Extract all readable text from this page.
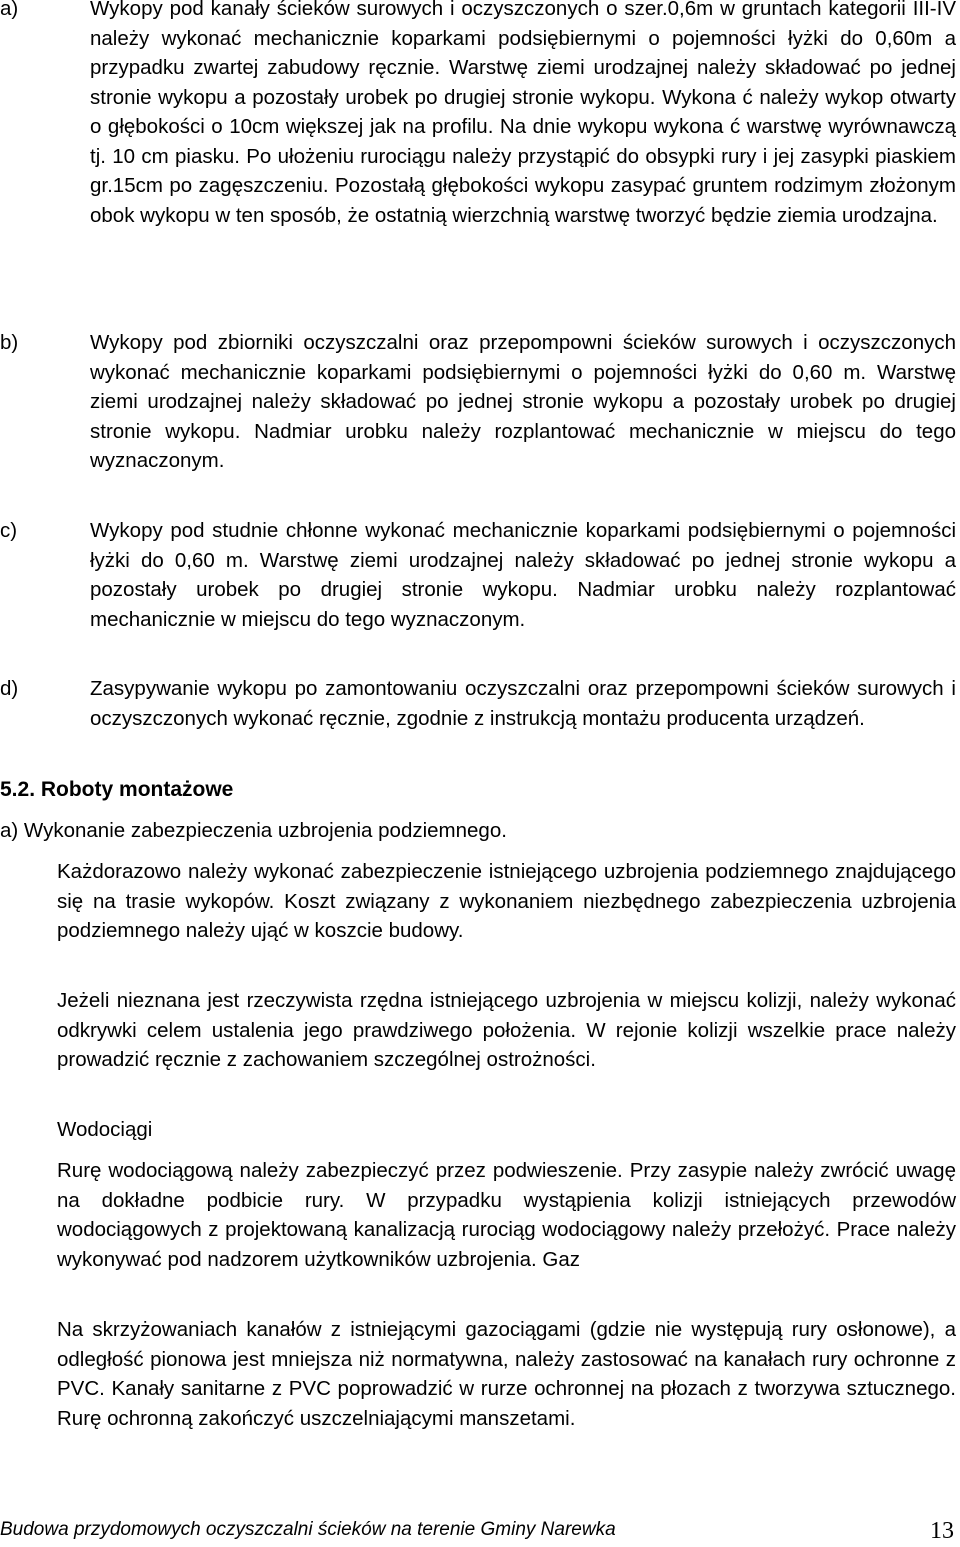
a)	Wykopy pod kanały ścieków surowych i oczyszczonych o szer.0,6m w gruntach kategorii III-IV należy wykonać mechanicznie koparkami podsiębiernymi o pojemności łyżki do 0,60m a przypadku zwartej zabudowy ręcznie. Warstwę ziemi urodzajnej należy składować po jednej stronie wykopu a pozostały urobek po drugiej stronie wykopu. Wykona ć należy wykop otwarty o głębokości o 10cm większej jak na profilu. Na dnie wykopu wykona ć warstwę wyrównawczą tj. 10 cm piasku. Po ułożeniu rurociągu należy przystąpić do obsypki rury i jej zasypki piaskiem gr.15cm po zagęszczeniu. Pozostałą głębokości wykopu zasypać gruntem rodzimym złożonym obok wykopu w ten sposób, że ostatnią wierzchnią warstwę tworzyć będzie ziemia urodzajna.
b)	Wykopy pod zbiorniki oczyszczalni oraz przepompowni ścieków surowych i oczyszczonych wykonać mechanicznie koparkami podsiębiernymi o pojemności łyżki do 0,60 m. Warstwę ziemi urodzajnej należy składować po jednej stronie wykopu a pozostały urobek po drugiej stronie wykopu. Nadmiar urobku należy rozplantować mechanicznie w miejscu do tego wyznaczonym.
c)	Wykopy pod studnie chłonne wykonać mechanicznie koparkami podsiębiernymi o pojemności łyżki do 0,60 m. Warstwę ziemi urodzajnej należy składować po jednej stronie wykopu a pozostały urobek po drugiej stronie wykopu. Nadmiar urobku należy rozplantować mechanicznie w miejscu do tego wyznaczonym.
d)	Zasypywanie wykopu po zamontowaniu oczyszczalni oraz przepompowni ścieków surowych i oczyszczonych wykonać ręcznie, zgodnie z instrukcją montażu producenta urządzeń.
5.2. Roboty montażowe
a) Wykonanie zabezpieczenia uzbrojenia podziemnego.
Każdorazowo należy wykonać zabezpieczenie istniejącego uzbrojenia podziemnego znajdującego się na trasie wykopów. Koszt związany z wykonaniem niezbędnego zabezpieczenia uzbrojenia podziemnego należy ująć w koszcie budowy.
Jeżeli nieznana jest rzeczywista rzędna istniejącego uzbrojenia w miejscu kolizji, należy wykonać odkrywki celem ustalenia jego prawdziwego położenia. W rejonie kolizji wszelkie prace należy prowadzić ręcznie z zachowaniem szczególnej ostrożności.
Wodociągi
Rurę wodociągową należy zabezpieczyć przez podwieszenie. Przy zasypie należy zwrócić uwagę na dokładne podbicie rury. W przypadku wystąpienia kolizji istniejących przewodów wodociągowych z projektowaną kanalizacją rurociąg wodociągowy należy przełożyć. Prace należy wykonywać pod nadzorem użytkowników uzbrojenia. Gaz
Na skrzyżowaniach kanałów z istniejącymi gazociągami (gdzie nie występują rury osłonowe), a odległość pionowa jest mniejsza niż normatywna, należy zastosować na kanałach rury ochronne z PVC. Kanały sanitarne z PVC poprowadzić w rurze ochronnej na płozach z tworzywa sztucznego. Rurę ochronną zakończyć uszczelniającymi manszetami.
Budowa przydomowych oczyszczalni ścieków na terenie Gminy Narewka	13
